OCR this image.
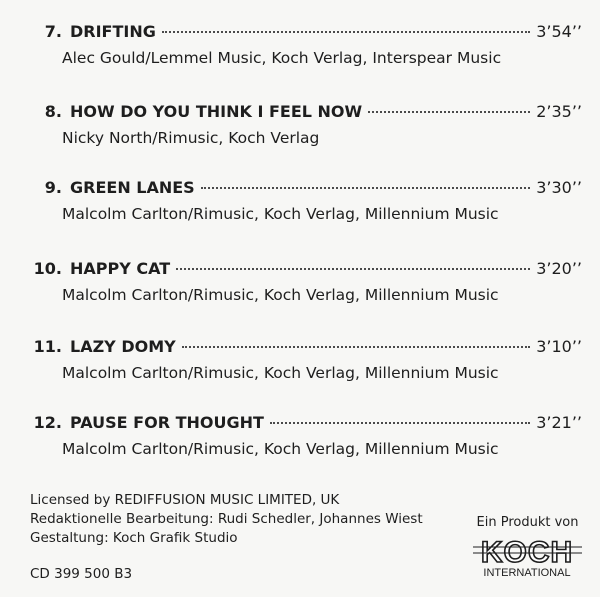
7. DRIFTING	3’54’’
Alec Gould/Lemmel Music, Koch Verlag, Interspear Music
8. HOW DO YOU THINK I FEEL NOW	2’35’’
Nicky North/Rimusic, Koch Verlag
9. GREEN LANES	3’30’’
Malcolm Carlton/Rimusic, Koch Verlag, Millennium Music
10. HAPPY CAT	3’20’’
Malcolm Carlton/Rimusic, Koch Verlag, Millennium Music
11. LAZY DOMY	3’10’’
Malcolm Carlton/Rimusic, Koch Verlag, Millennium Music
12. PAUSE FOR THOUGHT	3’21’’
Malcolm Carlton/Rimusic, Koch Verlag, Millennium Music
Licensed by REDIFFUSION MUSIC LIMITED, UK
Redaktionelle Bearbeitung: Rudi Schedler, Johannes Wiest
Gestaltung: Koch Grafik Studio
CD 399 500 B3
Ein Produkt von
KOCH
INTERNATIONAL
